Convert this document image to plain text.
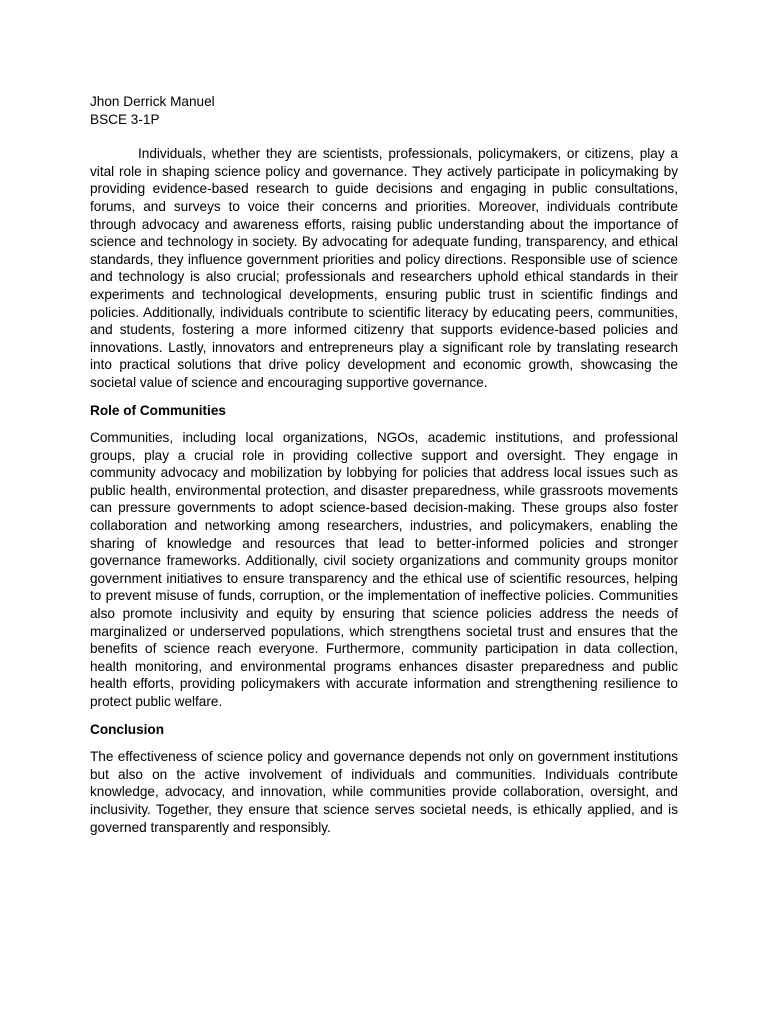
Jhon Derrick Manuel

BSCE 3-1P

Individuals, whether they are scientists, professionals, policymakers, or citizens, play a vital role in shaping science policy and governance. They actively participate in policymaking by providing evidence-based research to guide decisions and engaging in public consultations, forums, and surveys to voice their concerns and priorities. Moreover, individuals contribute through advocacy and awareness efforts, raising public understanding about the importance of science and technology in society. By advocating for adequate funding, transparency, and ethical standards, they influence government priorities and policy directions. Responsible use of science and technology is also crucial; professionals and researchers uphold ethical standards in their experiments and technological developments, ensuring public trust in scientific findings and policies. Additionally, individuals contribute to scientific literacy by educating peers, communities, and students, fostering a more informed citizenry that supports evidence-based policies and innovations. Lastly, innovators and entrepreneurs play a significant role by translating research into practical solutions that drive policy development and economic growth, showcasing the societal value of science and encouraging supportive governance.

Role of Communities

Communities, including local organizations, NGOs, academic institutions, and professional groups, play a crucial role in providing collective support and oversight. They engage in community advocacy and mobilization by lobbying for policies that address local issues such as public health, environmental protection, and disaster preparedness, while grassroots movements can pressure governments to adopt science-based decision-making. These groups also foster collaboration and networking among researchers, industries, and policymakers, enabling the sharing of knowledge and resources that lead to better-informed policies and stronger governance frameworks. Additionally, civil society organizations and community groups monitor government initiatives to ensure transparency and the ethical use of scientific resources, helping to prevent misuse of funds, corruption, or the implementation of ineffective policies. Communities also promote inclusivity and equity by ensuring that science policies address the needs of marginalized or underserved populations, which strengthens societal trust and ensures that the benefits of science reach everyone. Furthermore, community participation in data collection, health monitoring, and environmental programs enhances disaster preparedness and public health efforts, providing policymakers with accurate information and strengthening resilience to protect public welfare.

Conclusion

The effectiveness of science policy and governance depends not only on government institutions but also on the active involvement of individuals and communities. Individuals contribute knowledge, advocacy, and innovation, while communities provide collaboration, oversight, and inclusivity. Together, they ensure that science serves societal needs, is ethically applied, and is governed transparently and responsibly.
